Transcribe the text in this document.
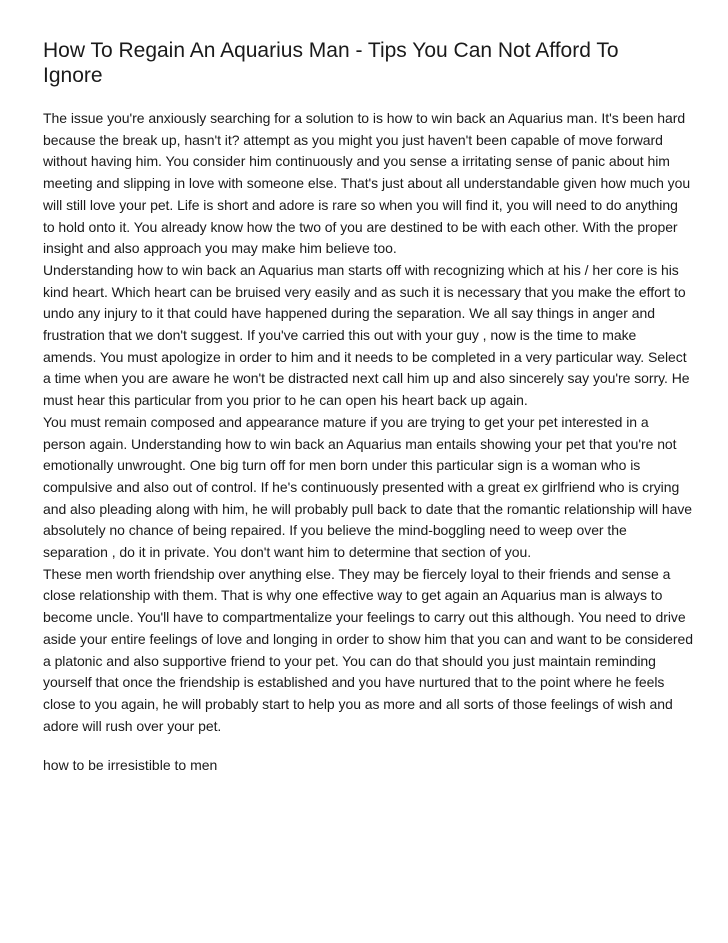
How To Regain An Aquarius Man - Tips You Can Not Afford To Ignore

The issue you're anxiously searching for a solution to is how to win back an Aquarius man. It's been hard because the break up, hasn't it? attempt as you might you just haven't been capable of move forward without having him. You consider him continuously and you sense a irritating sense of panic about him meeting and slipping in love with someone else. That's just about all understandable given how much you will still love your pet. Life is short and adore is rare so when you will find it, you will need to do anything to hold onto it. You already know how the two of you are destined to be with each other. With the proper insight and also approach you may make him believe too.

Understanding how to win back an Aquarius man starts off with recognizing which at his / her core is his kind heart. Which heart can be bruised very easily and as such it is necessary that you make the effort to undo any injury to it that could have happened during the separation. We all say things in anger and frustration that we don't suggest. If you've carried this out with your guy , now is the time to make amends. You must apologize in order to him and it needs to be completed in a very particular way. Select a time when you are aware he won't be distracted next call him up and also sincerely say you're sorry. He must hear this particular from you prior to he can open his heart back up again.

You must remain composed and appearance mature if you are trying to get your pet interested in a person again. Understanding how to win back an Aquarius man entails showing your pet that you're not emotionally unwrought. One big turn off for men born under this particular sign is a woman who is compulsive and also out of control. If he's continuously presented with a great ex girlfriend who is crying and also pleading along with him, he will probably pull back to date that the romantic relationship will have absolutely no chance of being repaired. If you believe the mind-boggling need to weep over the separation , do it in private. You don't want him to determine that section of you.

These men worth friendship over anything else. They may be fiercely loyal to their friends and sense a close relationship with them. That is why one effective way to get again an Aquarius man is always to become uncle. You'll have to compartmentalize your feelings to carry out this although. You need to drive aside your entire feelings of love and longing in order to show him that you can and want to be considered a platonic and also supportive friend to your pet. You can do that should you just maintain reminding yourself that once the friendship is established and you have nurtured that to the point where he feels close to you again, he will probably start to help you as more and all sorts of those feelings of wish and adore will rush over your pet.

how to be irresistible to men
